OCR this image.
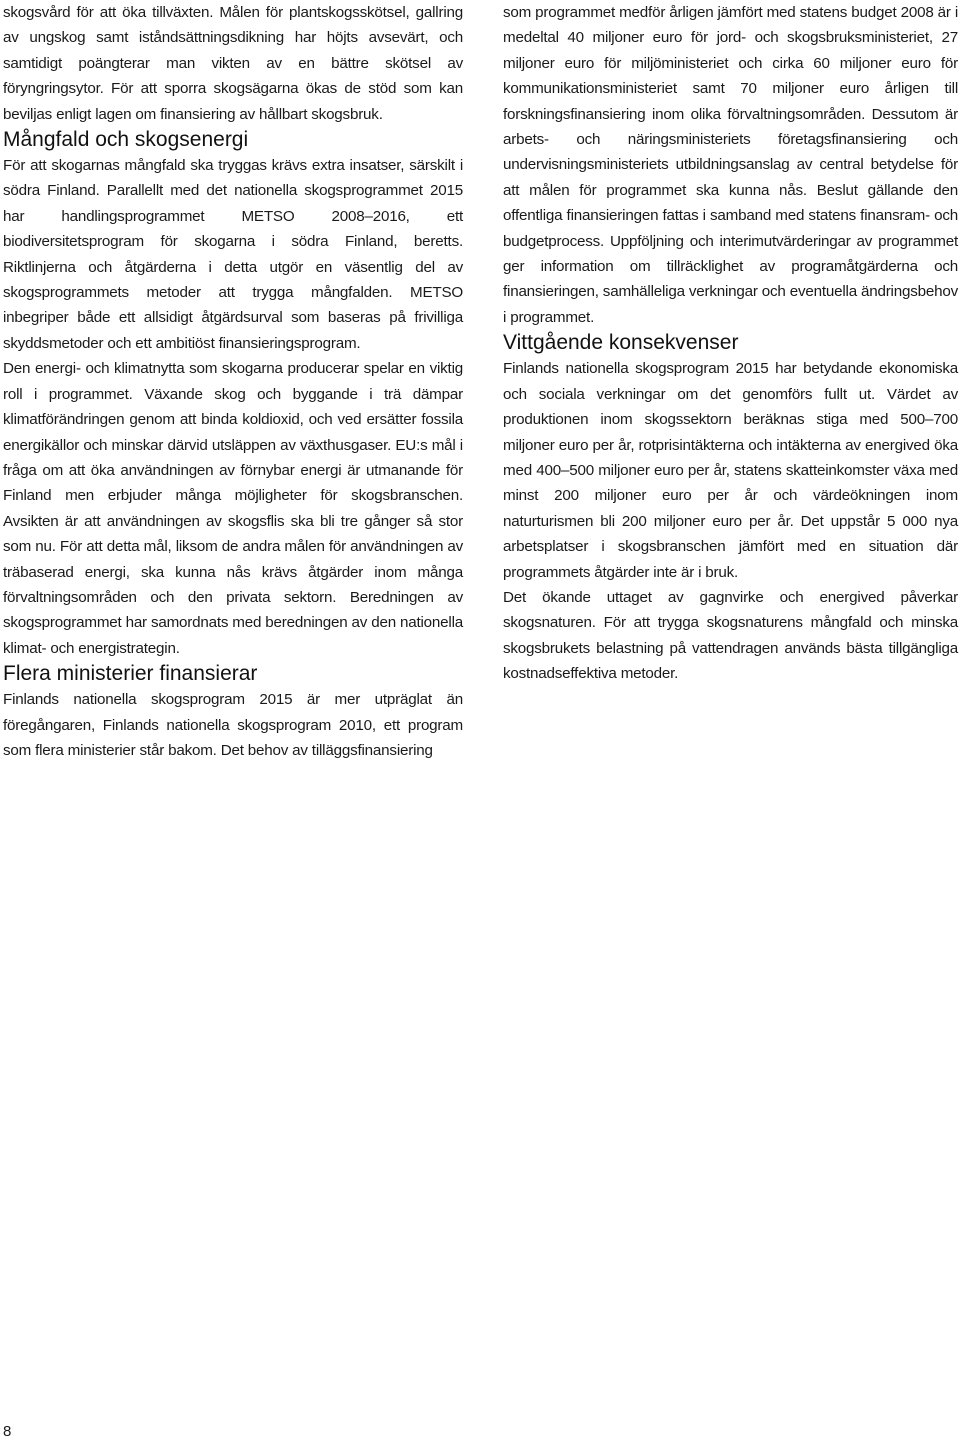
skogsvård för att öka tillväxten. Målen för plantskogsskötsel, gallring av ungskog samt iståndsättningsdikning har höjts avsevärt, och samtidigt poängterar man vikten av en bättre skötsel av föryngringsytor. För att sporra skogsägarna ökas de stöd som kan beviljas enligt lagen om finansiering av hållbart skogsbruk.

Mångfald och skogsenergi

För att skogarnas mångfald ska tryggas krävs extra insatser, särskilt i södra Finland. Parallellt med det nationella skogsprogrammet 2015 har handlingsprogrammet METSO 2008–2016, ett biodiversitetsprogram för skogarna i södra Finland, beretts. Riktlinjerna och åtgärderna i detta utgör en väsentlig del av skogsprogrammets metoder att trygga mångfalden. METSO inbegriper både ett allsidigt åtgärdsurval som baseras på frivilliga skyddsmetoder och ett ambitiöst finansieringsprogram.

Den energi- och klimatnytta som skogarna producerar spelar en viktig roll i programmet. Växande skog och byggande i trä dämpar klimatförändringen genom att binda koldioxid, och ved ersätter fossila energikällor och minskar därvid utsläppen av växthusgaser. EU:s mål i fråga om att öka användningen av förnybar energi är utmanande för Finland men erbjuder många möjligheter för skogsbranschen. Avsikten är att användningen av skogsflis ska bli tre gånger så stor som nu. För att detta mål, liksom de andra målen för användningen av träbaserad energi, ska kunna nås krävs åtgärder inom många förvaltningsområden och den privata sektorn. Beredningen av skogsprogrammet har samordnats med beredningen av den nationella klimat- och energistrategin.

Flera ministerier finansierar

Finlands nationella skogsprogram 2015 är mer utpräglat än föregångaren, Finlands nationella skogsprogram 2010, ett program som flera ministerier står bakom. Det behov av tilläggsfinansiering

som programmet medför årligen jämfört med statens budget 2008 är i medeltal 40 miljoner euro för jord- och skogsbruksministeriet, 27 miljoner euro för miljöministeriet och cirka 60 miljoner euro för kommunikationsministeriet samt 70 miljoner euro årligen till forskningsfinansiering inom olika förvaltningsområden. Dessutom är arbets- och näringsministeriets företagsfinansiering och undervisningsministeriets utbildningsanslag av central betydelse för att målen för programmet ska kunna nås. Beslut gällande den offentliga finansieringen fattas i samband med statens finansram- och budgetprocess. Uppföljning och interimutvärderingar av programmet ger information om tillräcklighet av programåtgärderna och finansieringen, samhälleliga verkningar och eventuella ändringsbehov i programmet.

Vittgående konsekvenser

Finlands nationella skogsprogram 2015 har betydande ekonomiska och sociala verkningar om det genomförs fullt ut. Värdet av produktionen inom skogssektorn beräknas stiga med 500–700 miljoner euro per år, rotprisintäkterna och intäkterna av energived öka med 400–500 miljoner euro per år, statens skatteinkomster växa med minst 200 miljoner euro per år och värdeökningen inom naturturismen bli 200 miljoner euro per år. Det uppstår 5 000 nya arbetsplatser i skogsbranschen jämfört med en situation där programmets åtgärder inte är i bruk.

Det ökande uttaget av gagnvirke och energived påverkar skogsnaturen. För att trygga skogsnaturens mångfald och minska skogsbrukets belastning på vattendragen används bästa tillgängliga kostnadseffektiva metoder.

8
